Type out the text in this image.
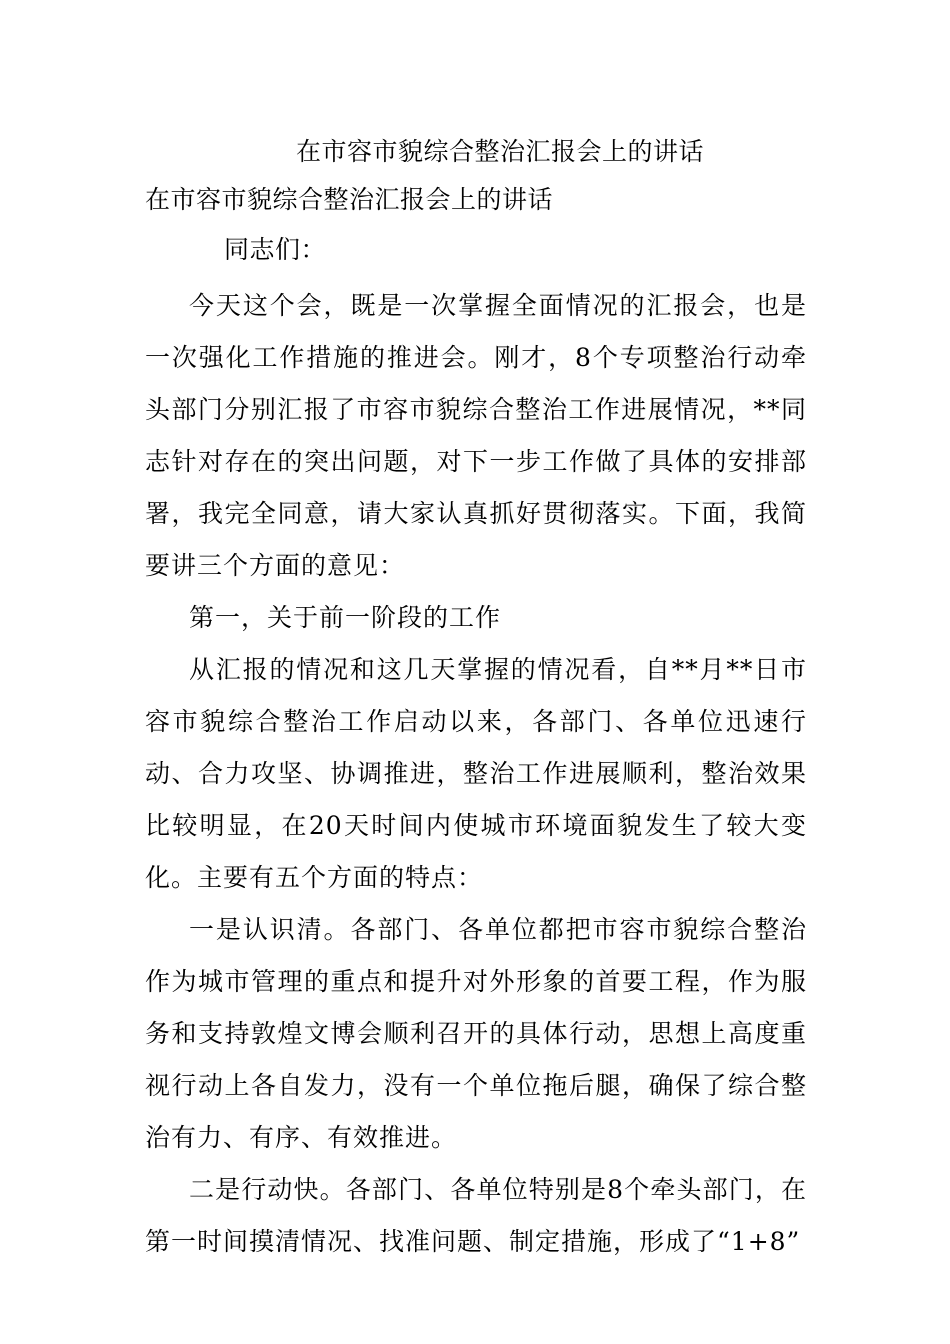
在市容市貌综合整治汇报会上的讲话
在市容市貌综合整治汇报会上的讲话
同志们：

今天这个会，既是一次掌握全面情况的汇报会，也是一次强化工作措施的推进会。刚才，8个专项整治行动牵头部门分别汇报了市容市貌综合整治工作进展情况，**同志针对存在的突出问题，对下一步工作做了具体的安排部署，我完全同意，请大家认真抓好贯彻落实。下面，我简要讲三个方面的意见：

第一，关于前一阶段的工作

从汇报的情况和这几天掌握的情况看，自**月**日市容市貌综合整治工作启动以来，各部门、各单位迅速行动、合力攻坚、协调推进，整治工作进展顺利，整治效果比较明显，在20天时间内使城市环境面貌发生了较大变化。主要有五个方面的特点：

一是认识清。各部门、各单位都把市容市貌综合整治作为城市管理的重点和提升对外形象的首要工程，作为服务和支持敦煌文博会顺利召开的具体行动，思想上高度重视行动上各自发力，没有一个单位拖后腿，确保了综合整治有力、有序、有效推进。

二是行动快。各部门、各单位特别是8个牵头部门，在第一时间摸清情况、找准问题、制定措施，形成了“1+8”
